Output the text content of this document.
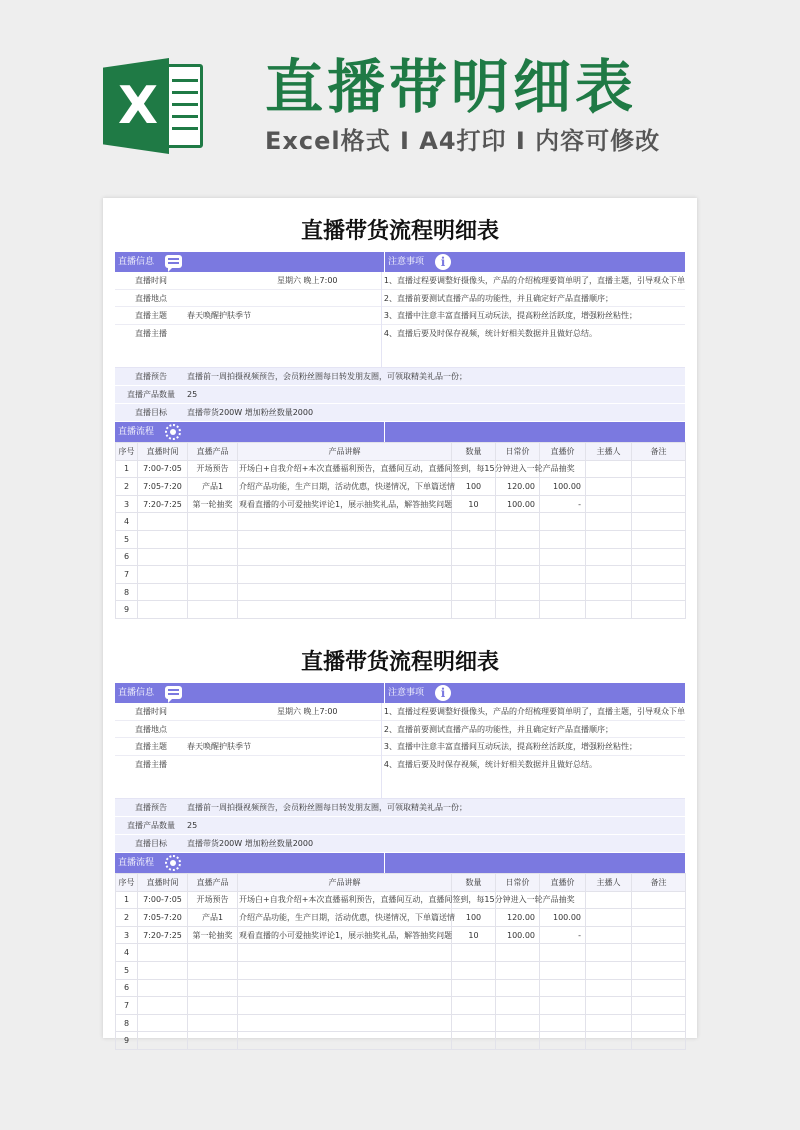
X 直播带明细表
Excel格式 I A4打印 I 内容可修改
直播带货流程明细表
直播信息	注意事项	i
直播时间	星期六 晚上7:00
直播地点
直播主题	春天唤醒护肤季节
直播主播
1、直播过程要调整好摄像头，产品的介绍梳理要简单明了，直播主题，引导观众下单
2、直播前要测试直播产品的功能性，并且确定好产品直播顺序；
3、直播中注意丰富直播间互动玩法，提高粉丝活跃度，增强粉丝粘性；
4、直播后要及时保存视频，统计好相关数据并且做好总结。
直播预告	直播前一周拍摄视频预告，会员粉丝圈每日转发朋友圈，可领取精美礼品一份；
直播产品数量	25
直播目标	直播带货200W 增加粉丝数量2000
直播流程
序号	直播时间	直播产品	产品讲解	数量	日常价	直播价	主播人	备注
1	7:00-7:05	开场预告	开场白+自我介绍+本次直播福利预告，直播间互动，直播间签到，每15分钟进入一轮产品抽奖					
2	7:05-7:20	产品1	介绍产品功能，生产日期，活动优惠，快递情况，下单篇送情	100	120.00	100.00		
3	7:20-7:25	第一轮抽奖	观看直播的小可爱抽奖评论1，展示抽奖礼品，解答抽奖问题	10	100.00	-		
4								
5								
6								
7								
8								
9								
直播带货流程明细表
直播信息	注意事项	i
直播时间	星期六 晚上7:00
直播地点
直播主题	春天唤醒护肤季节
直播主播
1、直播过程要调整好摄像头，产品的介绍梳理要简单明了，直播主题，引导观众下单
2、直播前要测试直播产品的功能性，并且确定好产品直播顺序；
3、直播中注意丰富直播间互动玩法，提高粉丝活跃度，增强粉丝粘性；
4、直播后要及时保存视频，统计好相关数据并且做好总结。
直播预告	直播前一周拍摄视频预告，会员粉丝圈每日转发朋友圈，可领取精美礼品一份；
直播产品数量	25
直播目标	直播带货200W 增加粉丝数量2000
直播流程
序号	直播时间	直播产品	产品讲解	数量	日常价	直播价	主播人	备注
1	7:00-7:05	开场预告	开场白+自我介绍+本次直播福利预告，直播间互动，直播间签到，每15分钟进入一轮产品抽奖					
2	7:05-7:20	产品1	介绍产品功能，生产日期，活动优惠，快递情况，下单篇送情	100	120.00	100.00		
3	7:20-7:25	第一轮抽奖	观看直播的小可爱抽奖评论1，展示抽奖礼品，解答抽奖问题	10	100.00	-		
4								
5								
6								
7								
8								
9								
